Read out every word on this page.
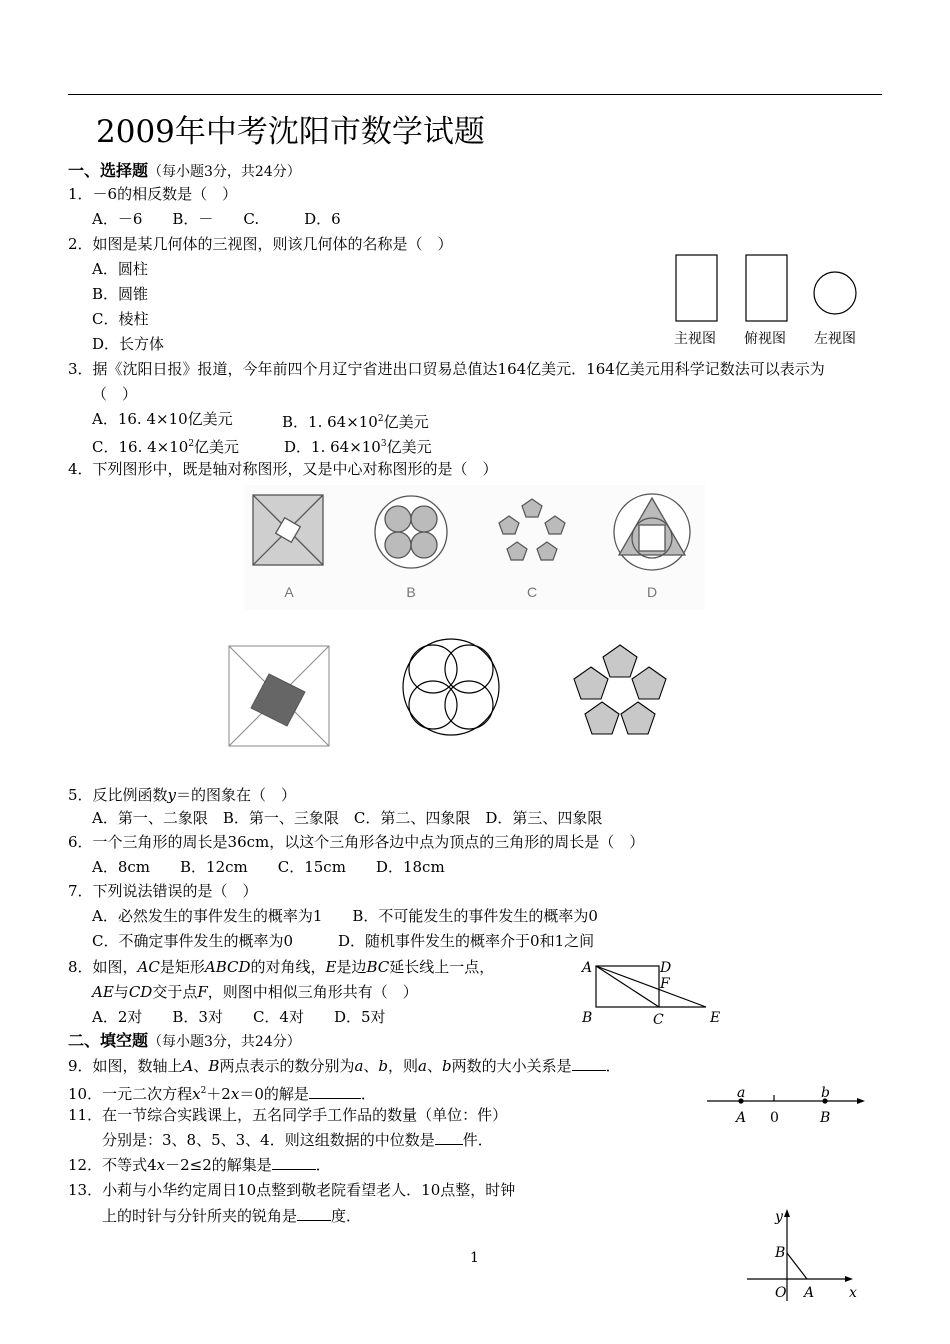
2009年中考沈阳市数学试题
一、选择题（每小题3分，共24分）
1．－6的相反数是（　）
A．－6　　B．－　　C.　　　D．6
2．如图是某几何体的三视图，则该几何体的名称是（　）
A．圆柱
B．圆锥
C．棱柱
D．长方体	主视图 俯视图 左视图
3．据《沈阳日报》报道，今年前四个月辽宁省进出口贸易总值达164亿美元．164亿美元用科学记数法可以表示为
（　）
A．16. 4×10亿美元	B．1. $64\times 10^2$亿美元
C．16. $4\times 10^2$亿美元	D．1. $64\times 10^3$亿美元
4．下列图形中，既是轴对称图形，又是中心对称图形的是（　）
A	B	C	D
5．反比例函数y＝的图象在（　）
A．第一、二象限　B．第一、三象限　C．第二、四象限　D．第三、四象限
6．一个三角形的周长是36cm，以这个三角形各边中点为顶点的三角形的周长是（　）
A．8cm　　B．12cm　　C．15cm　　D．18cm
7．下列说法错误的是（　）
A．必然发生的事件发生的概率为1　　B．不可能发生的事件发生的概率为0
C．不确定事件发生的概率为0　　　D．随机事件发生的概率介于0和1之间
8．如图，AC是矩形ABCD的对角线，E是边BC延长线上一点，
AE与CD交于点F，则图中相似三角形共有（　）
A．2对　　B．3对　　C．4对　　D．5对
A	D
F
B	C	E
二、填空题（每小题3分，共24分）
9．如图，数轴上A、B两点表示的数分别为a、b，则a、b两数的大小关系是 ．
a	b
A 0	B
10．一元二次方程$x^2+2x=0$的解是	．
11．在一节综合实践课上，五名同学手工作品的数量（单位：件）
分别是：3、8、5、3、4．则这组数据的中位数是 件．
12．不等式4x－2≤2的解集是	．
13．小莉与小华约定周日10点整到敬老院看望老人．10点整，时钟
上的时针与分针所夹的锐角是 度．	y
B
O A x
1
